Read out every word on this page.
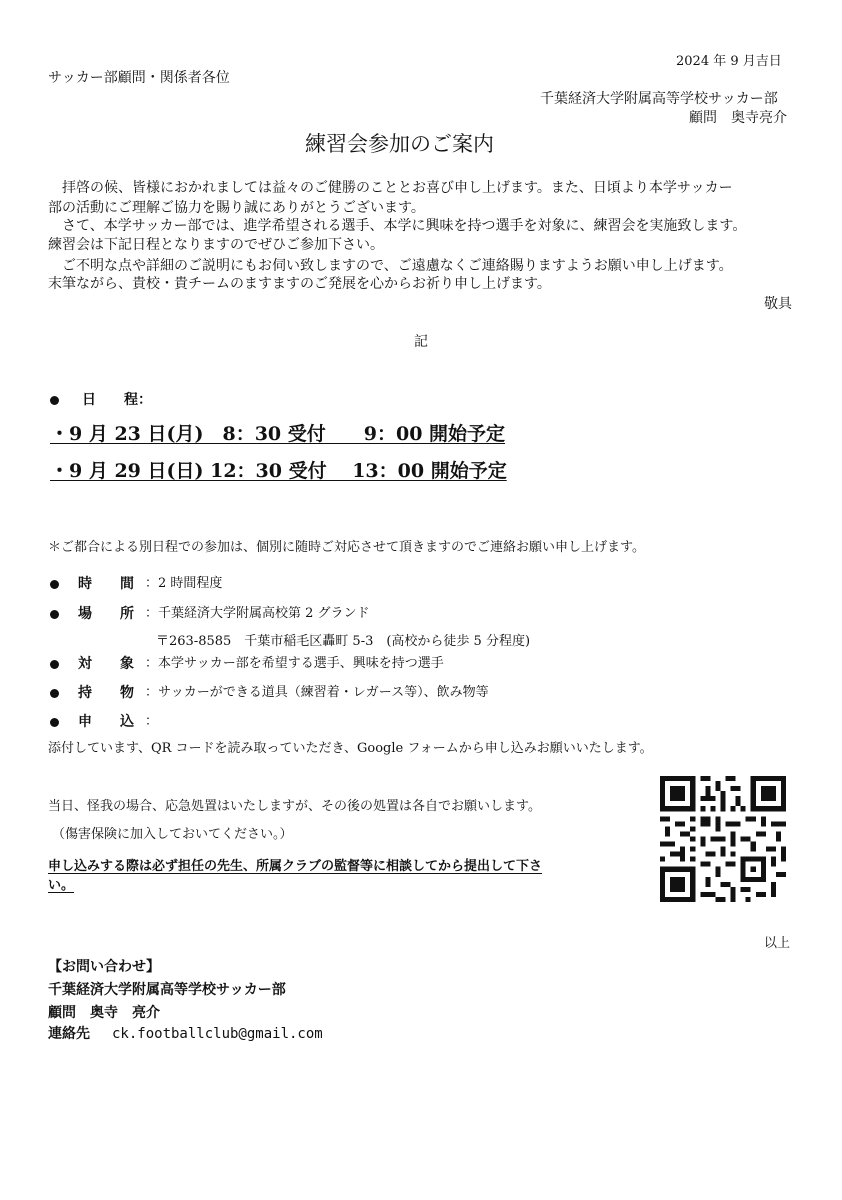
2024 年 9 月吉日
サッカー部顧問・関係者各位
千葉経済大学附属高等学校サッカー部
顧問　奥寺亮介
練習会参加のご案内
拝啓の候、皆様におかれましては益々のご健勝のこととお喜び申し上げます。また、日頃より本学サッカー
部の活動にご理解ご協力を賜り誠にありがとうございます。
さて、本学サッカー部では、進学希望される選手、本学に興味を持つ選手を対象に、練習会を実施致します。
練習会は下記日程となりますのでぜひご参加下さい。
ご不明な点や詳細のご説明にもお伺い致しますので、ご遠慮なくご連絡賜りますようお願い申し上げます。
末筆ながら、貴校・貴チームのますますのご発展を心からお祈り申し上げます。
敬具
記
日　　程：
・9 月 23 日(月)　8：30 受付　　9：00 開始予定
・9 月 29 日(日) 12：30 受付　 13：00 開始予定
＊ご都合による別日程での参加は、個別に随時ご対応させて頂きますのでご連絡お願い申し上げます。
時　　間 ：2 時間程度
場　　所 ：千葉経済大学附属高校第 2 グランド
〒263-8585　千葉市稲毛区轟町 5-3　(高校から徒歩 5 分程度)
対　　象 ：本学サッカー部を希望する選手、興味を持つ選手
持　　物 ：サッカーができる道具（練習着・レガース等）、飲み物等
申　　込 ：
添付しています、QR コードを読み取っていただき、Google フォームから申し込みお願いいたします。
当日、怪我の場合、応急処置はいたしますが、その後の処置は各自でお願いします。
（傷害保険に加入しておいてください。）
申し込みする際は必ず担任の先生、所属クラブの監督等に相談してから提出して下さ
い。
以上
【お問い合わせ】
千葉経済大学附属高等学校サッカー部
顧問　奥寺　亮介
連絡先 ck.footballclub@gmail.com
